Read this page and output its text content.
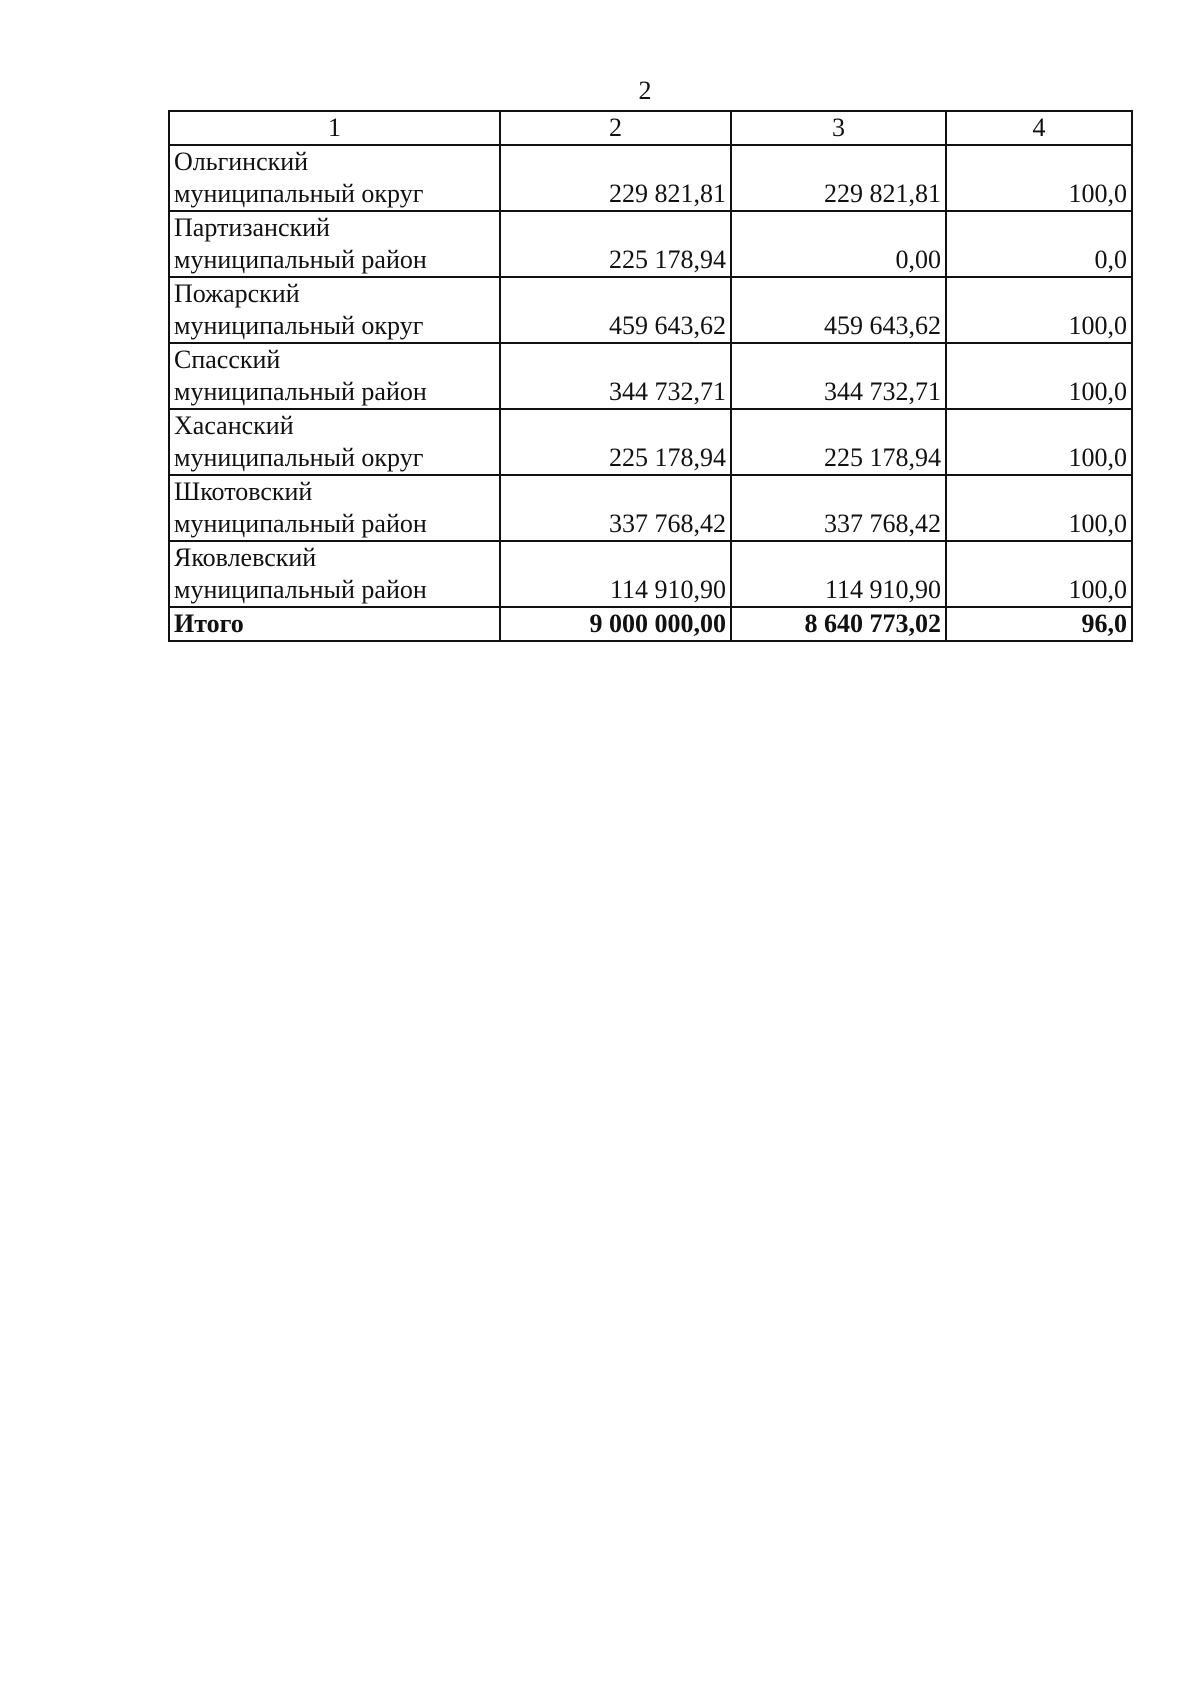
2
1	2	3	4

Ольгинский
муниципальный округ	229 821,81	229 821,81	100,0

Партизанский
муниципальный район	225 178,94	0,00	0,0

Пожарский
муниципальный округ	459 643,62	459 643,62	100,0

Спасский
муниципальный район	344 732,71	344 732,71	100,0

Хасанский
муниципальный округ	225 178,94	225 178,94	100,0

Шкотовский
муниципальный район	337 768,42	337 768,42	100,0

Яковлевский
муниципальный район	114 910,90	114 910,90	100,0
Итого	9 000 000,00	8 640 773,02	96,0
